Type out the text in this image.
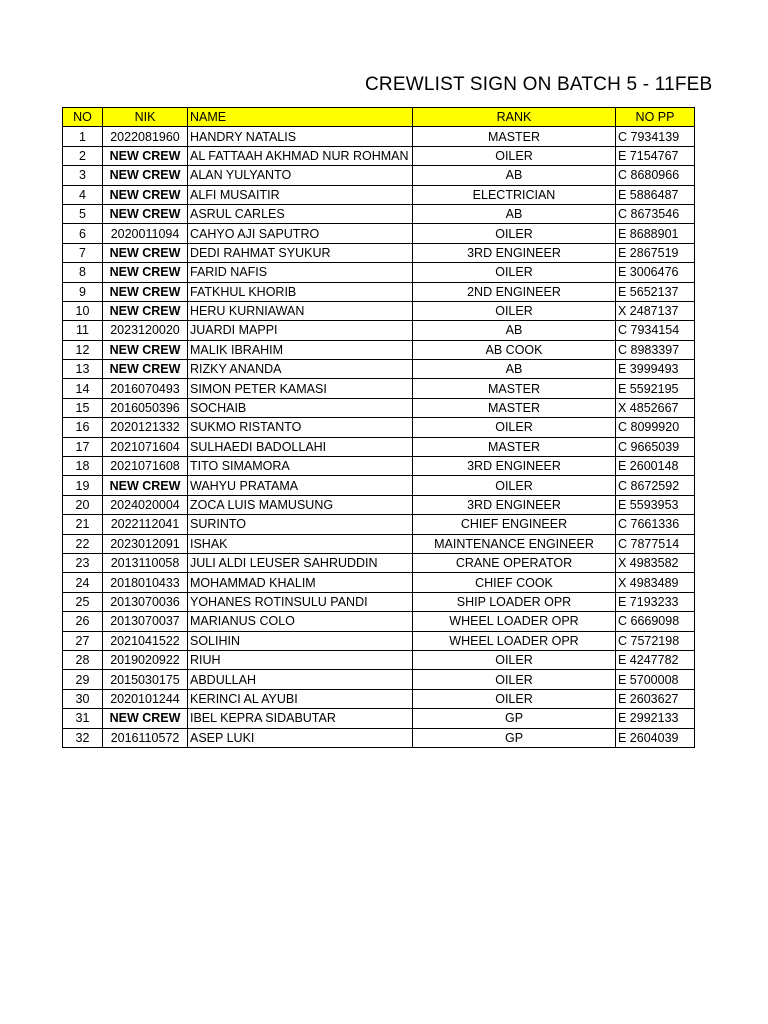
CREWLIST SIGN ON BATCH 5 - 11FEB
NO	NIK	NAME	RANK	NO PP
1	2022081960	HANDRY NATALIS	MASTER	C 7934139
2	NEW CREW	AL FATTAAH AKHMAD NUR ROHMAN	OILER	E 7154767
3	NEW CREW	ALAN YULYANTO	AB	C 8680966
4	NEW CREW	ALFI MUSAITIR	ELECTRICIAN	E 5886487
5	NEW CREW	ASRUL CARLES	AB	C 8673546
6	2020011094	CAHYO AJI SAPUTRO	OILER	E 8688901
7	NEW CREW	DEDI RAHMAT SYUKUR	3RD ENGINEER	E 2867519
8	NEW CREW	FARID NAFIS	OILER	E 3006476
9	NEW CREW	FATKHUL KHORIB	2ND ENGINEER	E 5652137
10	NEW CREW	HERU KURNIAWAN	OILER	X 2487137
11	2023120020	JUARDI MAPPI	AB	C 7934154
12	NEW CREW	MALIK IBRAHIM	AB COOK	C 8983397
13	NEW CREW	RIZKY ANANDA	AB	E 3999493
14	2016070493	SIMON PETER KAMASI	MASTER	E 5592195
15	2016050396	SOCHAIB	MASTER	X 4852667
16	2020121332	SUKMO RISTANTO	OILER	C 8099920
17	2021071604	SULHAEDI BADOLLAHI	MASTER	C 9665039
18	2021071608	TITO SIMAMORA	3RD ENGINEER	E 2600148
19	NEW CREW	WAHYU PRATAMA	OILER	C 8672592
20	2024020004	ZOCA LUIS MAMUSUNG	3RD ENGINEER	E 5593953
21	2022112041	SURINTO	CHIEF ENGINEER	C 7661336
22	2023012091	ISHAK	MAINTENANCE ENGINEER	C 7877514
23	2013110058	JULI ALDI LEUSER SAHRUDDIN	CRANE OPERATOR	X 4983582
24	2018010433	MOHAMMAD KHALIM	CHIEF COOK	X 4983489
25	2013070036	YOHANES ROTINSULU PANDI	SHIP LOADER OPR	E 7193233
26	2013070037	MARIANUS COLO	WHEEL LOADER OPR	C 6669098
27	2021041522	SOLIHIN	WHEEL LOADER OPR	C 7572198
28	2019020922	RIUH	OILER	E 4247782
29	2015030175	ABDULLAH	OILER	E 5700008
30	2020101244	KERINCI AL AYUBI	OILER	E 2603627
31	NEW CREW	IBEL KEPRA SIDABUTAR	GP	E 2992133
32	2016110572	ASEP LUKI	GP	E 2604039
